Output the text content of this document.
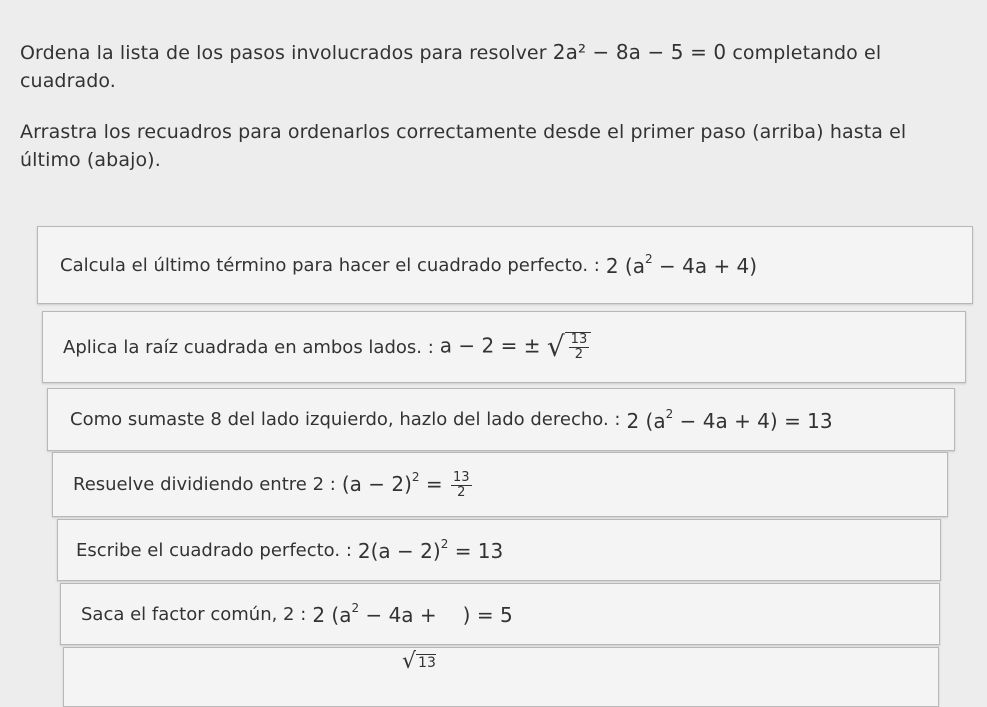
Ordena la lista de los pasos involucrados para resolver 2a² − 8a − 5 = 0 completando el cuadrado.

Arrastra los recuadros para ordenarlos correctamente desde el primer paso (arriba) hasta el último (abajo).

Calcula el último término para hacer el cuadrado perfecto. : 2 $(a^2 - 4a + 4)$
Aplica la raíz cuadrada en ambos lados. : a − 2 = ± √ $\frac{13}{2}$
Como sumaste 8 del lado izquierdo, hazlo del lado derecho. : 2 $(a^2 - 4a + 4) = 13$
Resuelve dividiendo entre 2 : $(a - 2)^2 = \frac{13}{2}$
Escribe el cuadrado perfecto. : $2(a - 2)^2 = 13$
Saca el factor común, 2 : 2 ($a^2 - 4a$ + ) = 5
√ 13
